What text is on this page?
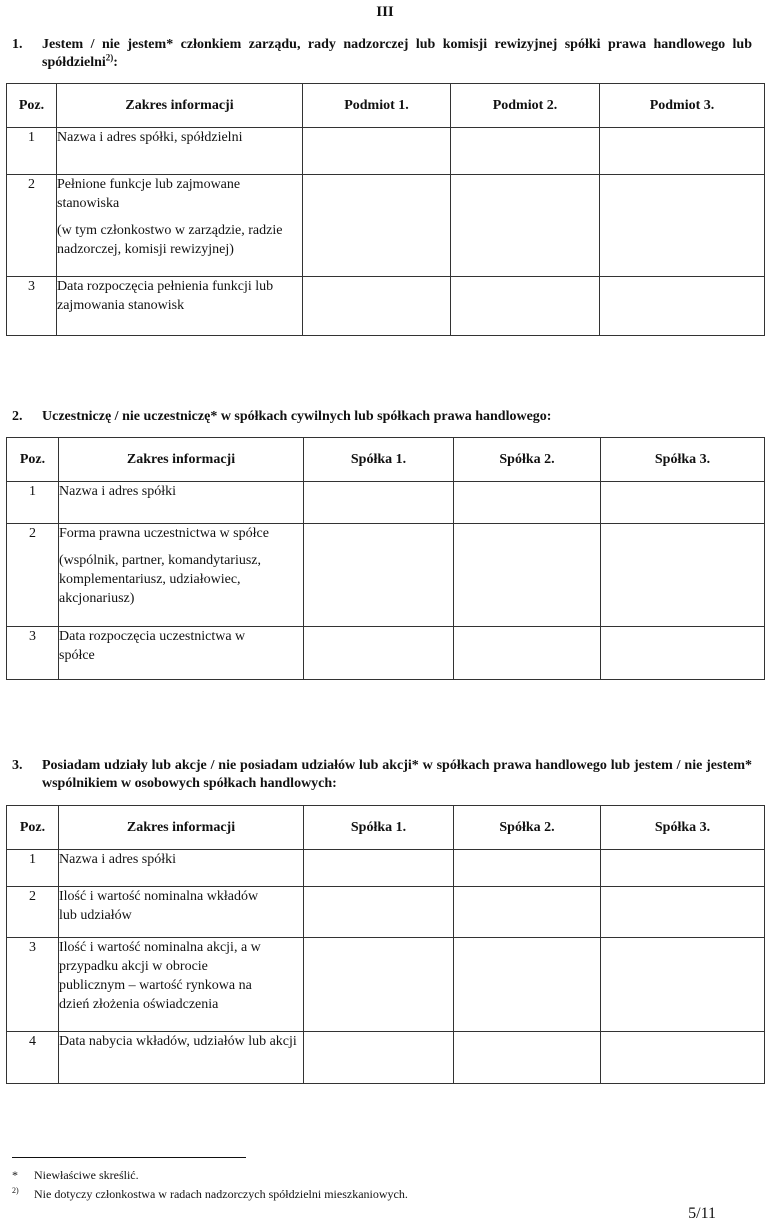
III
1. Jestem / nie jestem* członkiem zarządu, rady nadzorczej lub komisji rewizyjnej spółki prawa handlowego lub spółdzielni$^{2)}$:
Poz.	Zakres informacji	Podmiot 1.	Podmiot 2.	Podmiot 3.
1	Nazwa i adres spółki, spółdzielni			

2	Pełnione funkcje lub zajmowane stanowiska

(w tym członkostwo w zarządzie, radzie nadzorczej, komisji rewizyjnej)			

3	Data rozpoczęcia pełnienia funkcji lub zajmowania stanowisk			

2. Uczestniczę / nie uczestniczę* w spółkach cywilnych lub spółkach prawa handlowego:
Poz.	Zakres informacji	Spółka 1.	Spółka 2.	Spółka 3.
1	Nazwa i adres spółki			

2	Forma prawna uczestnictwa w spółce

(wspólnik, partner, komandytariusz, komplementariusz, udziałowiec, akcjonariusz)			

3	Data rozpoczęcia uczestnictwa w spółce			

3. Posiadam udziały lub akcje / nie posiadam udziałów lub akcji* w spółkach prawa handlowego lub jestem / nie jestem* wspólnikiem w osobowych spółkach handlowych:
Poz.	Zakres informacji	Spółka 1.	Spółka 2.	Spółka 3.
1	Nazwa i adres spółki			

2	Ilość i wartość nominalna wkładów lub udziałów			

3	Ilość i wartość nominalna akcji, a w przypadku akcji w obrocie publicznym – wartość rynkowa na dzień złożenia oświadczenia			

4	Data nabycia wkładów, udziałów lub akcji			

* Niewłaściwe skreślić.
$^{2)}$ Nie dotyczy członkostwa w radach nadzorczych spółdzielni mieszkaniowych.
5/11
